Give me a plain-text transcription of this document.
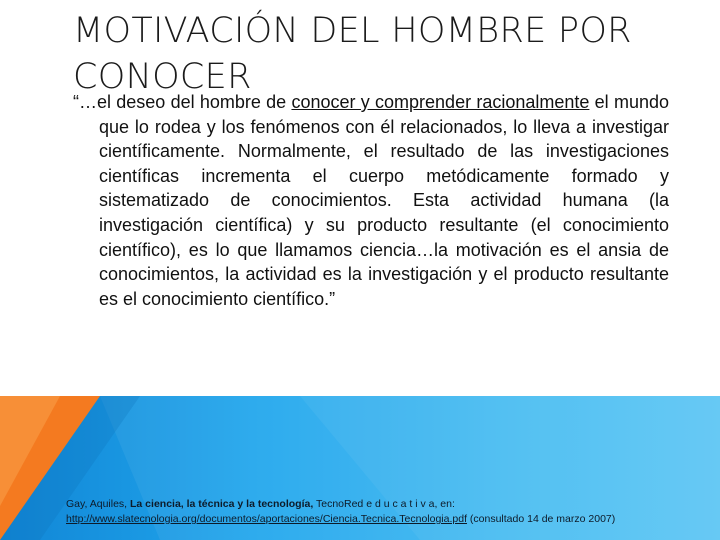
MOTIVACIÓN DEL HOMBRE POR
CONOCER

“…el deseo del hombre de conocer y comprender racionalmente el mundo que lo rodea y los fenómenos con él relacionados, lo lleva a investigar científicamente. Normalmente, el resultado de las investigaciones científicas incrementa el cuerpo metódicamente formado y sistematizado de conocimientos. Esta actividad humana (la investigación científica) y su producto resultante (el conocimiento científico), es lo que llamamos ciencia…la motivación es el ansia de conocimientos, la actividad es la investigación y el producto resultante es el conocimiento científico.”

Gay, Aquiles, La ciencia, la técnica y la tecnología, TecnoRed e d u c a t i v a, en:
http://www.slatecnologia.org/documentos/aportaciones/Ciencia.Tecnica.Tecnologia.pdf (consultado 14 de marzo 2007)
